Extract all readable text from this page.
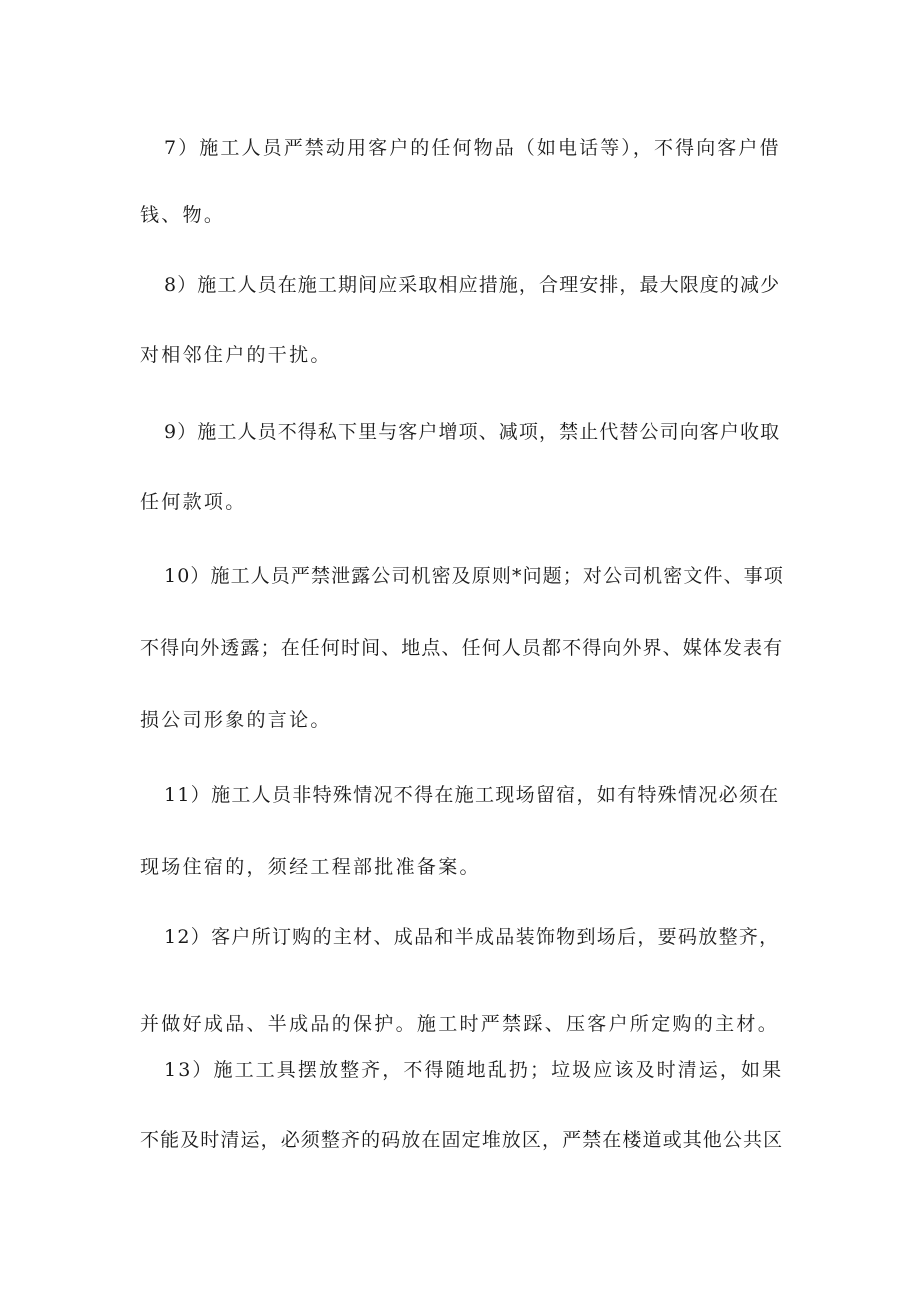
7）施工人员严禁动用客户的任何物品（如电话等），不得向客户借
钱、物。
8）施工人员在施工期间应采取相应措施，合理安排，最大限度的减少
对相邻住户的干扰。
9）施工人员不得私下里与客户增项、减项，禁止代替公司向客户收取
任何款项。
10）施工人员严禁泄露公司机密及原则*问题；对公司机密文件、事项
不得向外透露；在任何时间、地点、任何人员都不得向外界、媒体发表有
损公司形象的言论。
11）施工人员非特殊情况不得在施工现场留宿，如有特殊情况必须在
现场住宿的，须经工程部批准备案。
12）客户所订购的主材、成品和半成品装饰物到场后，要码放整齐，
并做好成品、半成品的保护。施工时严禁踩、压客户所定购的主材。
13）施工工具摆放整齐，不得随地乱扔；垃圾应该及时清运，如果
不能及时清运，必须整齐的码放在固定堆放区，严禁在楼道或其他公共区
